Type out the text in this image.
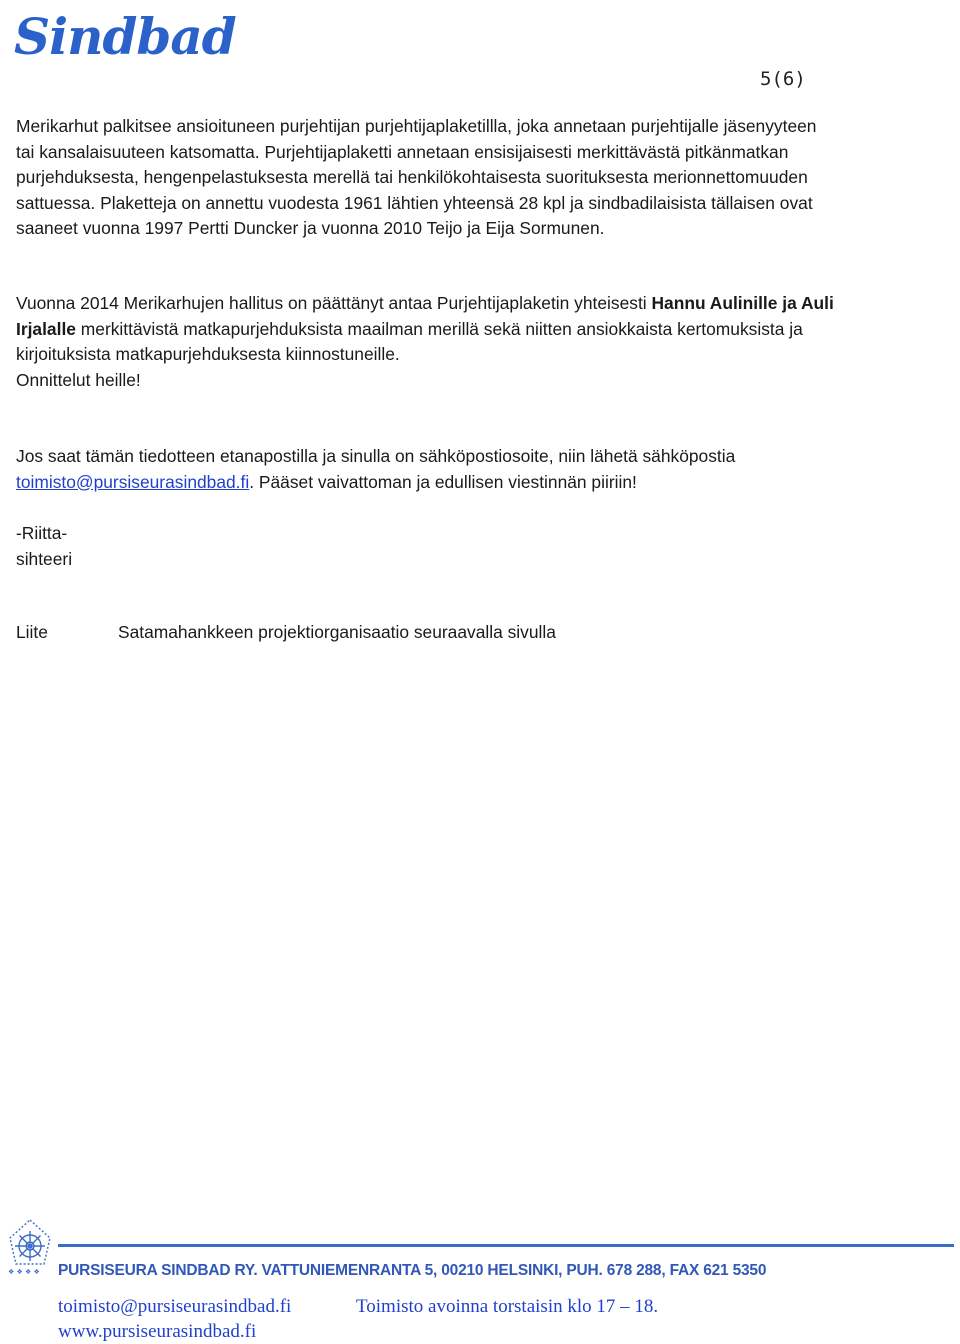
Sindbad
5(6)
Merikarhut palkitsee ansioituneen purjehtijan purjehtijaplaketillla, joka annetaan purjehtijalle jäsenyyteen tai kansalaisuuteen katsomatta. Purjehtijaplaketti annetaan ensisijaisesti merkittävästä pitkänmatkan purjehduksesta, hengenpelastuksesta merellä tai henkilökohtaisesta suorituksesta merionnettomuuden sattuessa. Plaketteja on annettu vuodesta 1961 lähtien yhteensä 28 kpl ja sindbadilaisista tällaisen ovat saaneet vuonna 1997 Pertti Duncker ja vuonna 2010 Teijo ja Eija Sormunen.
Vuonna 2014 Merikarhujen hallitus on päättänyt antaa Purjehtijaplaketin yhteisesti Hannu Aulinille ja Auli Irjalalle merkittävistä matkapurjehduksista maailman merillä sekä niitten ansiokkaista kertomuksista ja kirjoituksista matkapurjehduksesta kiinnostuneille.
Onnittelut heille!
Jos saat tämän tiedotteen etanapostilla ja sinulla on sähköpostiosoite, niin lähetä sähköpostia toimisto@pursiseurasindbad.fi. Pääset vaivattoman ja edullisen viestinnän piiriin!
-Riitta-
sihteeri
Liite	Satamahankkeen projektiorganisaatio seuraavalla sivulla
❖ ❖ ❖ ❖ PURSISEURA SINDBAD RY. VATTUNIEMENRANTA 5, 00210 HELSINKI, PUH. 678 288, FAX 621 5350
toimisto@pursiseurasindbad.fi	Toimisto avoinna torstaisin klo 17 – 18.
www.pursiseurasindbad.fi
